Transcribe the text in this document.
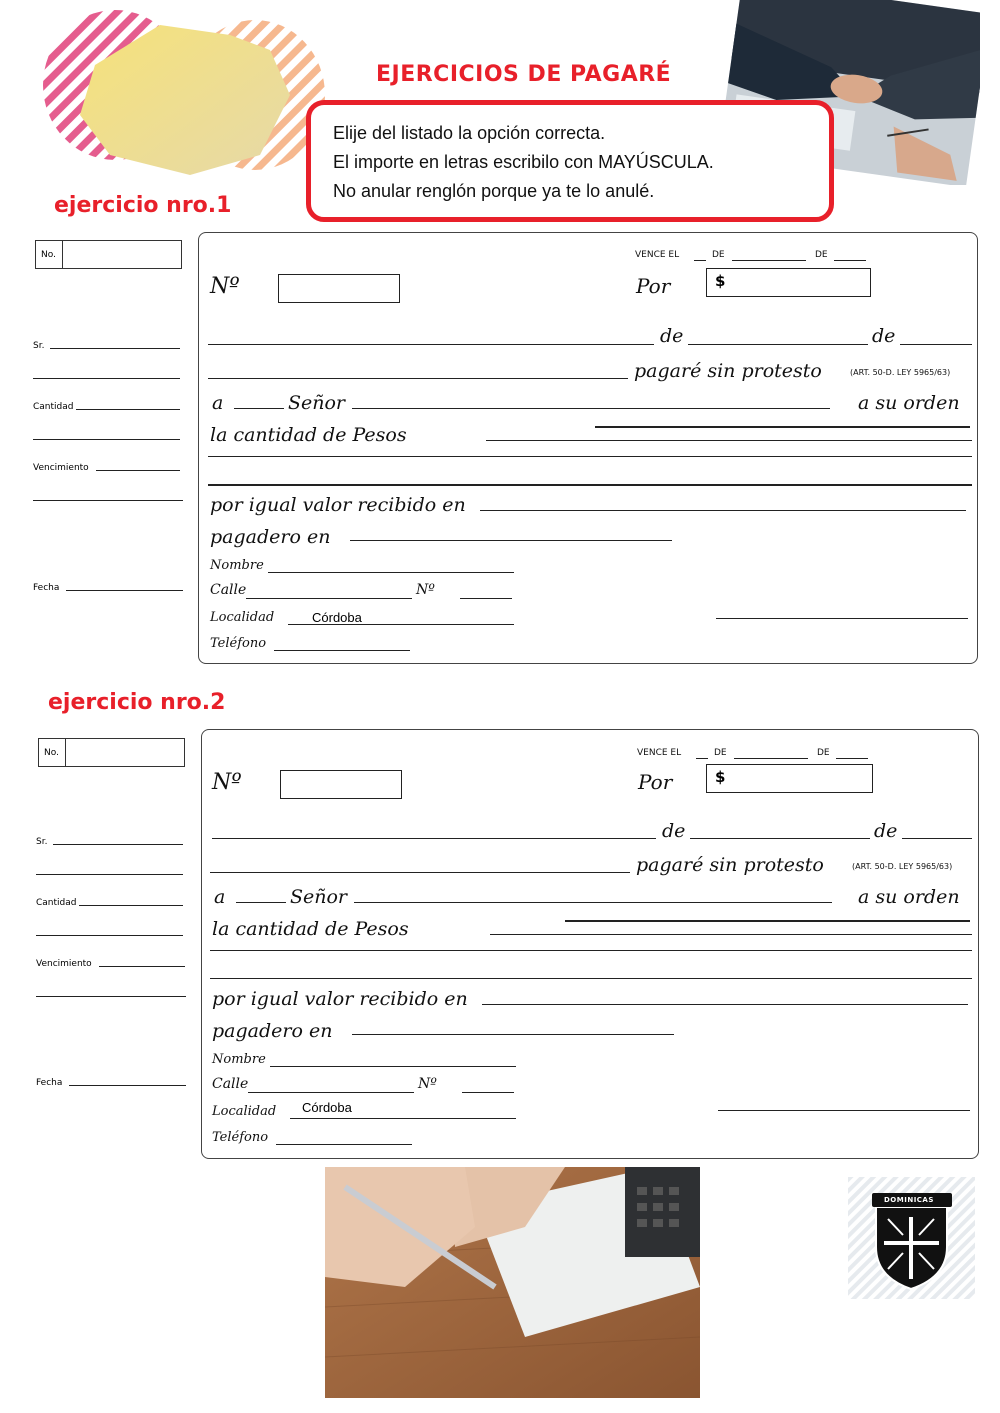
EJERCICIOS DE PAGARÉ
Elije del listado la opción correcta.
El importe en letras escribilo con MAYÚSCULA.
No anular renglón porque ya te lo anulé.
ejercicio nro.1
No.
Sr.
Cantidad
Vencimiento
Fecha
VENCE EL	DE	DE
Nº	Por	$
de	de
pagaré sin protesto	(ART. 50-D. LEY 5965/63)
a	Señor	a su orden
la cantidad de Pesos
por igual valor recibido en
pagadero en
Nombre
Calle	Nº
Localidad	Córdoba
Teléfono
ejercicio nro.2
No.
Sr.
Cantidad
Vencimiento
Fecha
VENCE EL	DE	DE
Nº	Por	$
de	de
pagaré sin protesto	(ART. 50-D. LEY 5965/63)
a	Señor	a su orden
la cantidad de Pesos
por igual valor recibido en
pagadero en
Nombre
Calle	Nº
Localidad Córdoba
Teléfono
DOMINICAS
